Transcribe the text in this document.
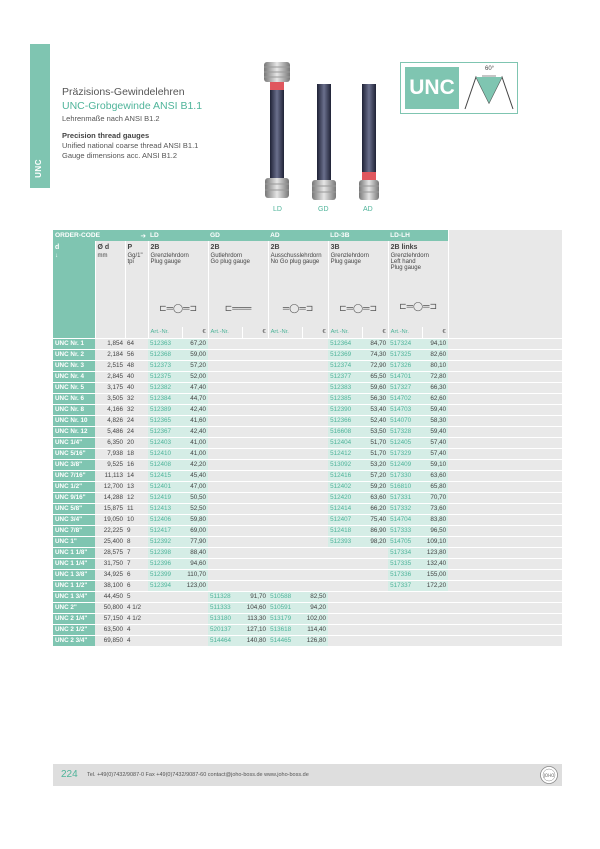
UNC
Präzisions-Gewindelehren
UNC-Grobgewinde ANSI B1.1
Lehrenmaße nach ANSI B1.2
Precision thread gauges
Unified national coarse thread ANSI B1.1
Gauge dimensions acc. ANSI B1.2
LD	GD	AD
UNC
60°
ORDER-CODE ➔			LD		GD		AD		LD-3B		LD-LH		

d
↓	Ø d
mm	P
Gg/1"
tpi	2B
Grenzlehrdorn
Plug gauge
⊏═◯═⊐		2B
Gutlehrdorn
Go plug gauge
⊏═══		2B
Ausschusslehrdorn
No Go plug gauge
═◯═⊐		3B
Grenzlehrdorn
Plug gauge
⊏═◯═⊐		2B links
Grenzlehrdorn
Left hand
Plug gauge
⊏═◯═⊐		

			Art.-Nr.	€	Art.-Nr.	€	Art.-Nr.	€	Art.-Nr.	€	Art.-Nr.	€	
UNC Nr. 1	1,854	64	512363	67,20					512364	84,70	517324	94,10	
UNC Nr. 2	2,184	56	512368	59,00					512369	74,30	517325	82,60	
UNC Nr. 3	2,515	48	512373	57,20					512374	72,90	517326	80,10	
UNC Nr. 4	2,845	40	512375	52,00					512377	65,50	514701	72,80	
UNC Nr. 5	3,175	40	512382	47,40					512383	59,60	517327	66,30	
UNC Nr. 6	3,505	32	512384	44,70					512385	56,30	514702	62,60	
UNC Nr. 8	4,166	32	512389	42,40					512390	53,40	514703	59,40	
UNC Nr. 10	4,826	24	512365	41,60					512366	52,40	514070	58,30	
UNC Nr. 12	5,486	24	512367	42,40					516608	53,50	517328	59,40	
UNC 1/4"	6,350	20	512403	41,00					512404	51,70	512405	57,40	
UNC 5/16"	7,938	18	512410	41,00					512412	51,70	517329	57,40	
UNC 3/8"	9,525	16	512408	42,20					513092	53,20	512409	59,10	
UNC 7/16"	11,113	14	512415	45,40					512416	57,20	517330	63,60	
UNC 1/2"	12,700	13	512401	47,00					512402	59,20	516810	65,80	
UNC 9/16"	14,288	12	512419	50,50					512420	63,60	517331	70,70	
UNC 5/8"	15,875	11	512413	52,50					512414	66,20	517332	73,60	
UNC 3/4"	19,050	10	512406	59,80					512407	75,40	514704	83,80	
UNC 7/8"	22,225	9	512417	69,00					512418	86,90	517333	96,50	
UNC 1"	25,400	8	512392	77,90					512393	98,20	514705	109,10	
UNC 1 1/8"	28,575	7	512398	88,40							517334	123,80	
UNC 1 1/4"	31,750	7	512396	94,60							517335	132,40	
UNC 1 3/8"	34,925	6	512399	110,70							517336	155,00	
UNC 1 1/2"	38,100	6	512394	123,00							517337	172,20	
UNC 1 3/4"	44,450	5			511328	91,70	510588	82,50					
UNC 2"	50,800	4 1/2			511333	104,60	510591	94,20					
UNC 2 1/4"	57,150	4 1/2			513180	113,30	513179	102,00					
UNC 2 1/2"	63,500	4			520137	127,10	513618	114,40					
UNC 2 3/4"	69,850	4			514464	140,80	514465	126,80					
224 Tel. +49(0)7432/9087-0 Fax +49(0)7432/9087-60 contact@joho-boss.de www.joho-boss.de	JOHO
